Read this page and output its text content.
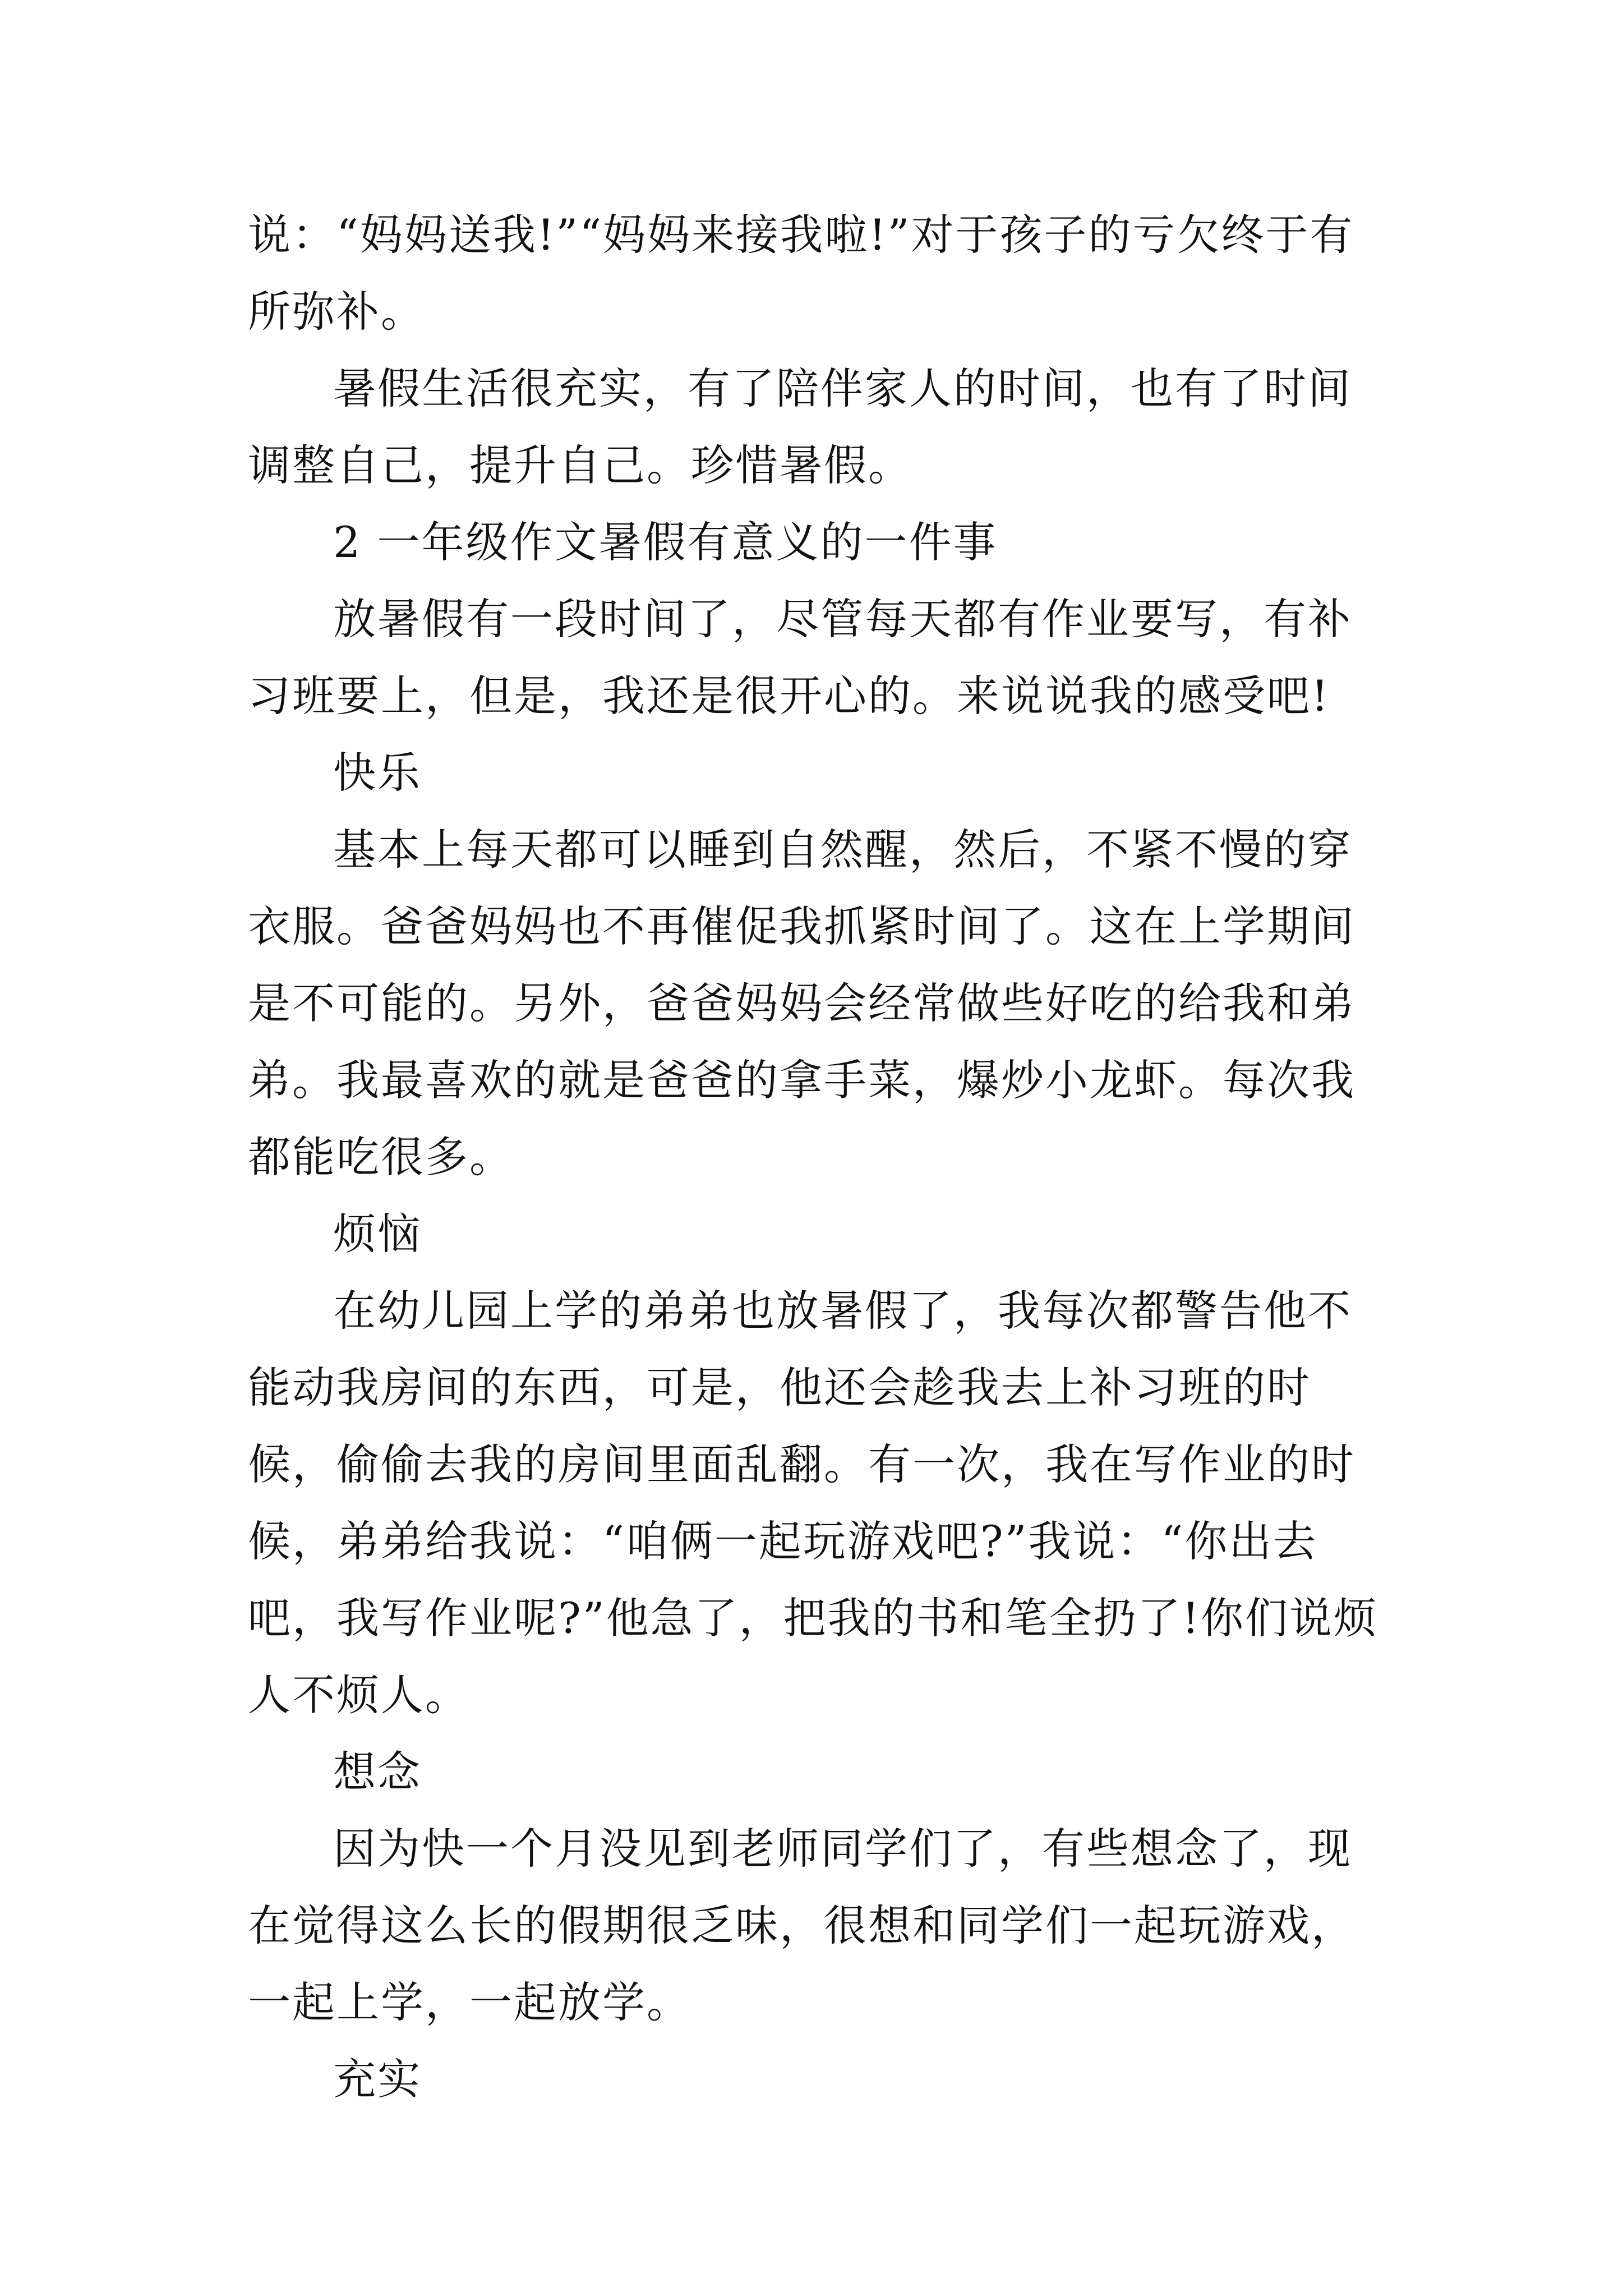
说：“妈妈送我!”“妈妈来接我啦!”对于孩子的亏欠终于有所弥补。

暑假生活很充实，有了陪伴家人的时间，也有了时间调整自己，提升自己。珍惜暑假。

2 一年级作文暑假有意义的一件事

放暑假有一段时间了，尽管每天都有作业要写，有补习班要上，但是，我还是很开心的。来说说我的感受吧!

快乐

基本上每天都可以睡到自然醒，然后，不紧不慢的穿衣服。爸爸妈妈也不再催促我抓紧时间了。这在上学期间是不可能的。另外，爸爸妈妈会经常做些好吃的给我和弟弟。我最喜欢的就是爸爸的拿手菜，爆炒小龙虾。每次我都能吃很多。

烦恼

在幼儿园上学的弟弟也放暑假了，我每次都警告他不能动我房间的东西，可是，他还会趁我去上补习班的时候，偷偷去我的房间里面乱翻。有一次，我在写作业的时候，弟弟给我说：“咱俩一起玩游戏吧?”我说：“你出去吧，我写作业呢?”他急了，把我的书和笔全扔了!你们说烦人不烦人。

想念

因为快一个月没见到老师同学们了，有些想念了，现在觉得这么长的假期很乏味，很想和同学们一起玩游戏，一起上学，一起放学。

充实
